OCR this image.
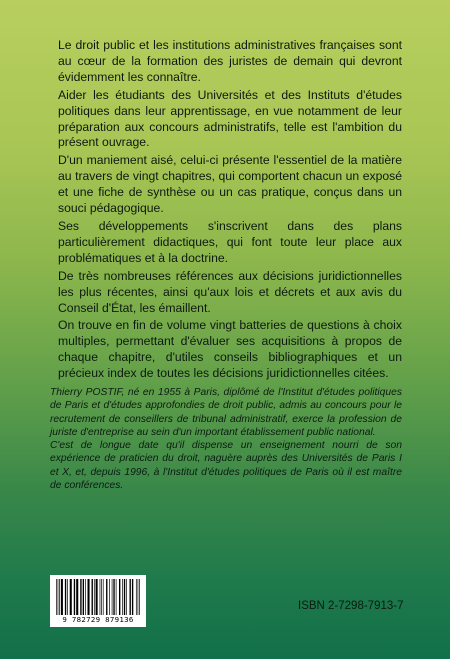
Le droit public et les institutions administratives françaises sont au cœur de la formation des juristes de demain qui devront évidemment les connaître.

Aider les étudiants des Universités et des Instituts d'études politiques dans leur apprentissage, en vue notamment de leur préparation aux concours administratifs, telle est l'ambition du présent ouvrage.

D'un maniement aisé, celui-ci présente l'essentiel de la matière au travers de vingt chapitres, qui comportent chacun un exposé et une fiche de synthèse ou un cas pratique, conçus dans un souci pédagogique.

Ses développements s'inscrivent dans des plans particulièrement didactiques, qui font toute leur place aux problématiques et à la doctrine.

De très nombreuses références aux décisions juridictionnelles les plus récentes, ainsi qu'aux lois et décrets et aux avis du Conseil d'État, les émaillent.

On trouve en fin de volume vingt batteries de questions à choix multiples, permettant d'évaluer ses acquisitions à propos de chaque chapitre, d'utiles conseils bibliographiques et un précieux index de toutes les décisions juridictionnelles citées.

Thierry POSTIF, né en 1955 à Paris, diplômé de l'Institut d'études politiques de Paris et d'études approfondies de droit public, admis au concours pour le recrutement de conseillers de tribunal administratif, exerce la profession de juriste d'entreprise au sein d'un important établissement public national.

C'est de longue date qu'il dispense un enseignement nourri de son expérience de praticien du droit, naguère auprès des Universités de Paris I et X, et, depuis 1996, à l'Institut d'études politiques de Paris où il est maître de conférences.

9 782729 879136
ISBN 2-7298-7913-7
